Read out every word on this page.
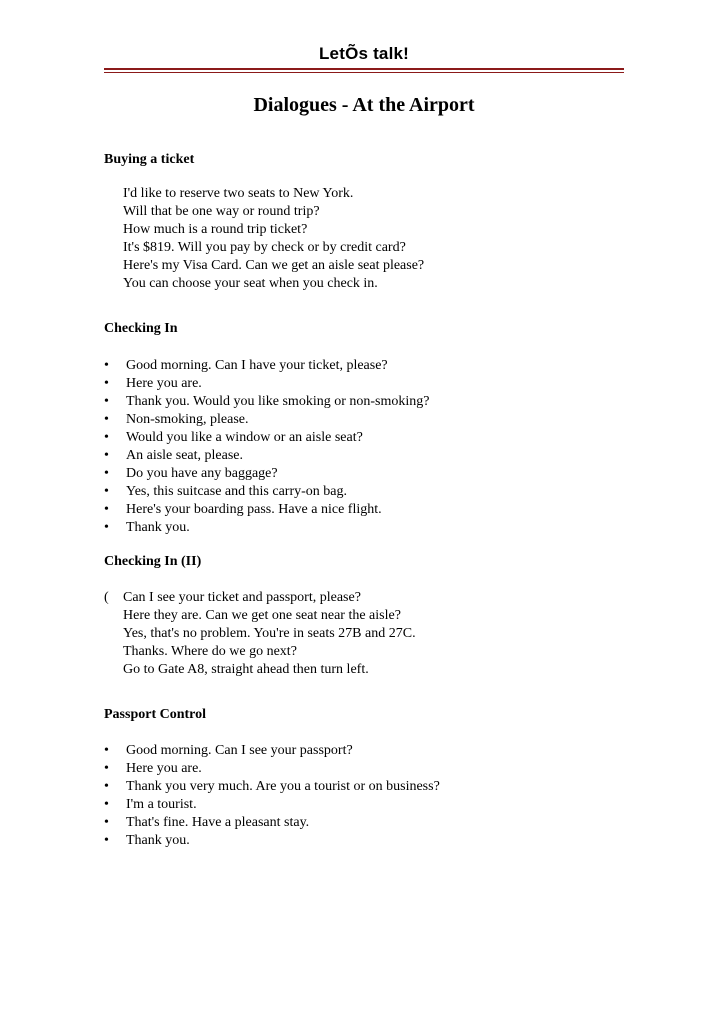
LetÕs talk!
Dialogues - At the Airport
Buying a ticket
I'd like to reserve two seats to New York.
Will that be one way or round trip?
How much is a round trip ticket?
It's $819. Will you pay by check or by credit card?
Here's my Visa Card. Can we get an aisle seat please?
You can choose your seat when you check in.
Checking In
•	Good morning. Can I have your ticket, please?
•	Here you are.
•	Thank you. Would you like smoking or non-smoking?
•	Non-smoking, please.
•	Would you like a window or an aisle seat?
•	An aisle seat, please.
•	Do you have any baggage?
•	Yes, this suitcase and this carry-on bag.
•	Here's your boarding pass. Have a nice flight.
•	Thank you.
Checking In (II)
( Can I see your ticket and passport, please?
Here they are. Can we get one seat near the aisle?
Yes, that's no problem. You're in seats 27B and 27C.
Thanks. Where do we go next?
Go to Gate A8, straight ahead then turn left.
Passport Control
•	Good morning. Can I see your passport?
•	Here you are.
•	Thank you very much. Are you a tourist or on business?
•	I'm a tourist.
•	That's fine. Have a pleasant stay.
•	Thank you.
